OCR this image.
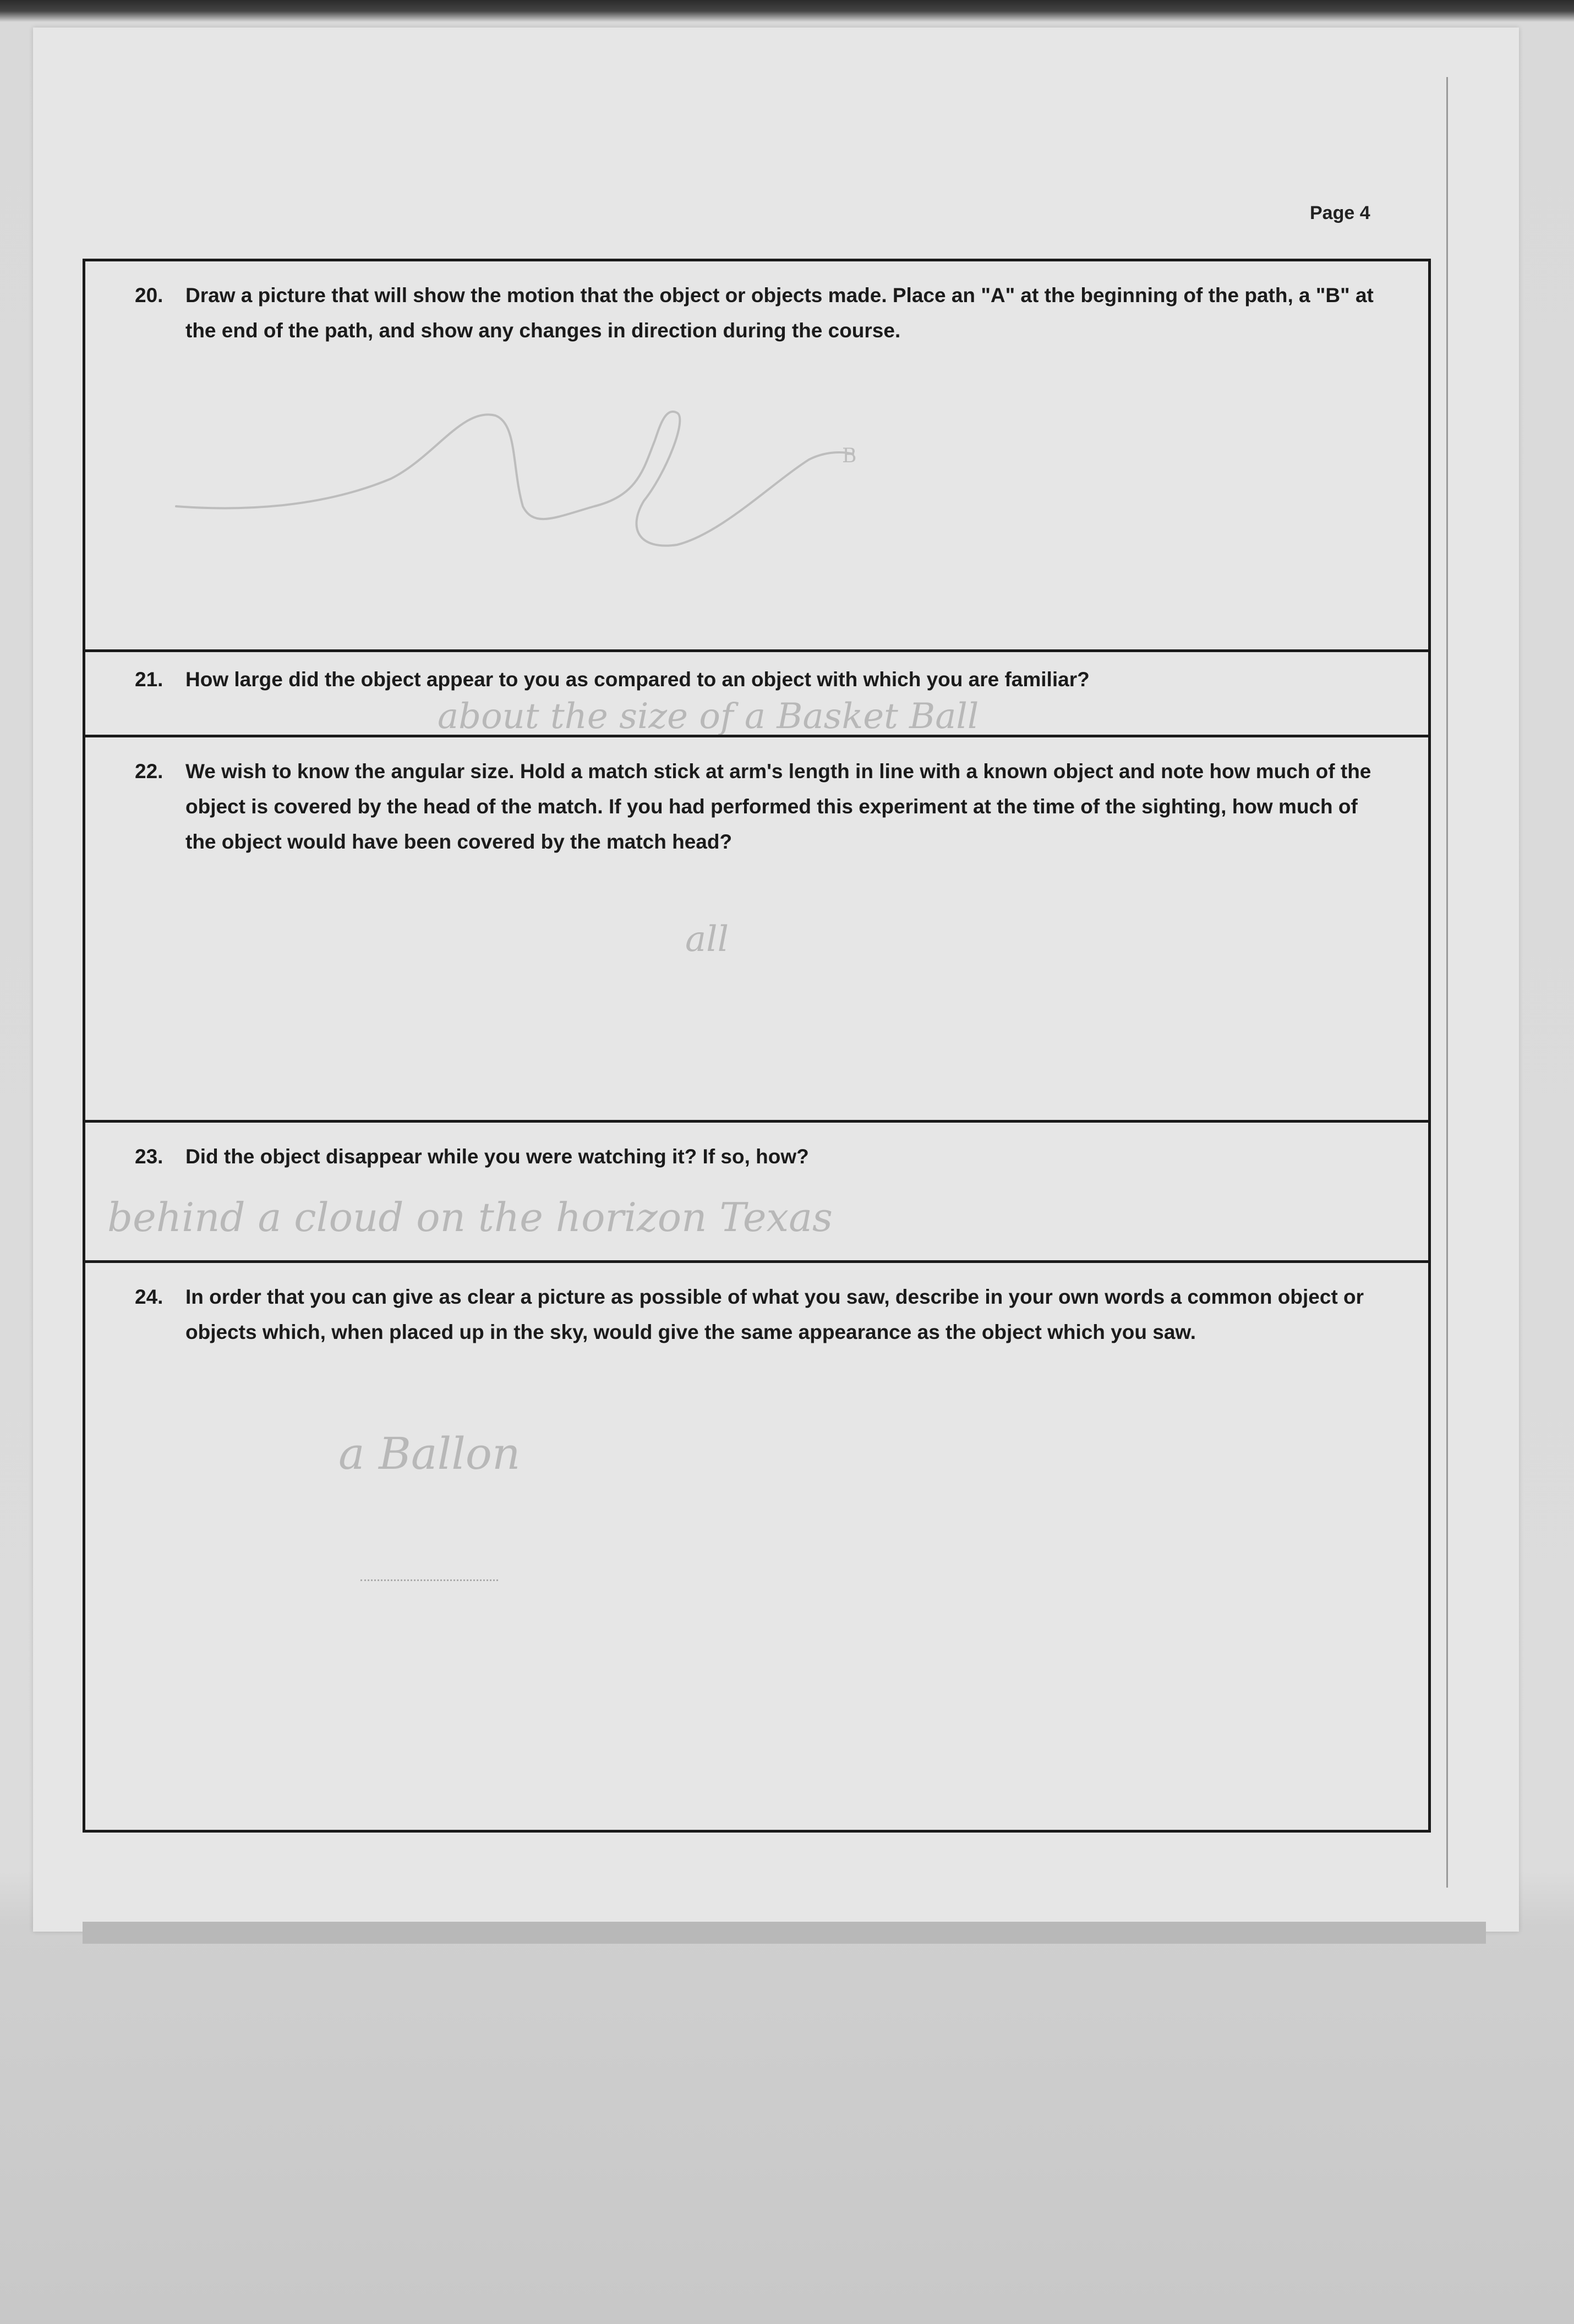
Page 4
20.	Draw a picture that will show the motion that the object or objects made. Place an "A" at the beginning of the path, a "B" at the end of the path, and show any changes in direction during the course.
21.	How large did the object appear to you as compared to an object with which you are familiar?
about the size of a Basket Ball
22.	We wish to know the angular size. Hold a match stick at arm's length in line with a known object and note how much of the object is covered by the head of the match. If you had performed this experiment at the time of the sighting, how much of the object would have been covered by the match head?
all
23.	Did the object disappear while you were watching it? If so, how?
behind a cloud on the horizon Texas
24.	In order that you can give as clear a picture as possible of what you saw, describe in your own words a common object or objects which, when placed up in the sky, would give the same appearance as the object which you saw.
a Ballon
B
